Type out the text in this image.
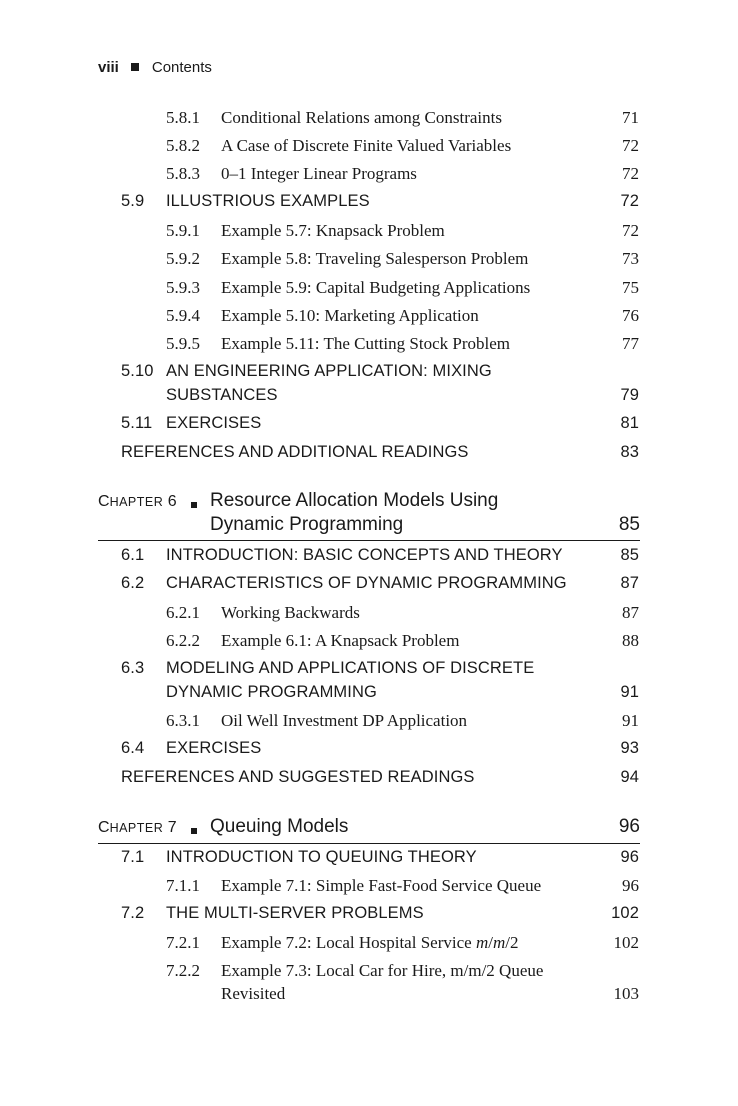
viii Contents
5.8.1 Conditional Relations among Constraints	71
5.8.2 A Case of Discrete Finite Valued Variables	72
5.8.3 0–1 Integer Linear Programs	72
5.9 ILLUSTRIOUS EXAMPLES	72
5.9.1 Example 5.7: Knapsack Problem	72
5.9.2 Example 5.8: Traveling Salesperson Problem	73
5.9.3 Example 5.9: Capital Budgeting Applications	75
5.9.4 Example 5.10: Marketing Application	76
5.9.5 Example 5.11: The Cutting Stock Problem	77
5.10 AN ENGINEERING APPLICATION: MIXING
SUBSTANCES	79
5.11 EXERCISES	81
REFERENCES AND ADDITIONAL READINGS	83
CHAPTER 6 Resource Allocation Models Using
Dynamic Programming	85
6.1 INTRODUCTION: BASIC CONCEPTS AND THEORY	85
6.2 CHARACTERISTICS OF DYNAMIC PROGRAMMING	87
6.2.1 Working Backwards	87
6.2.2 Example 6.1: A Knapsack Problem	88
6.3 MODELING AND APPLICATIONS OF DISCRETE
DYNAMIC PROGRAMMING	91
6.3.1 Oil Well Investment DP Application	91
6.4 EXERCISES	93
REFERENCES AND SUGGESTED READINGS	94
CHAPTER 7 Queuing Models	96
7.1 INTRODUCTION TO QUEUING THEORY	96
7.1.1 Example 7.1: Simple Fast-Food Service Queue	96
7.2 THE MULTI-SERVER PROBLEMS	102
7.2.1 Example 7.2: Local Hospital Service m/m/2	102
7.2.2 Example 7.3: Local Car for Hire, m/m/2 Queue
Revisited	103
